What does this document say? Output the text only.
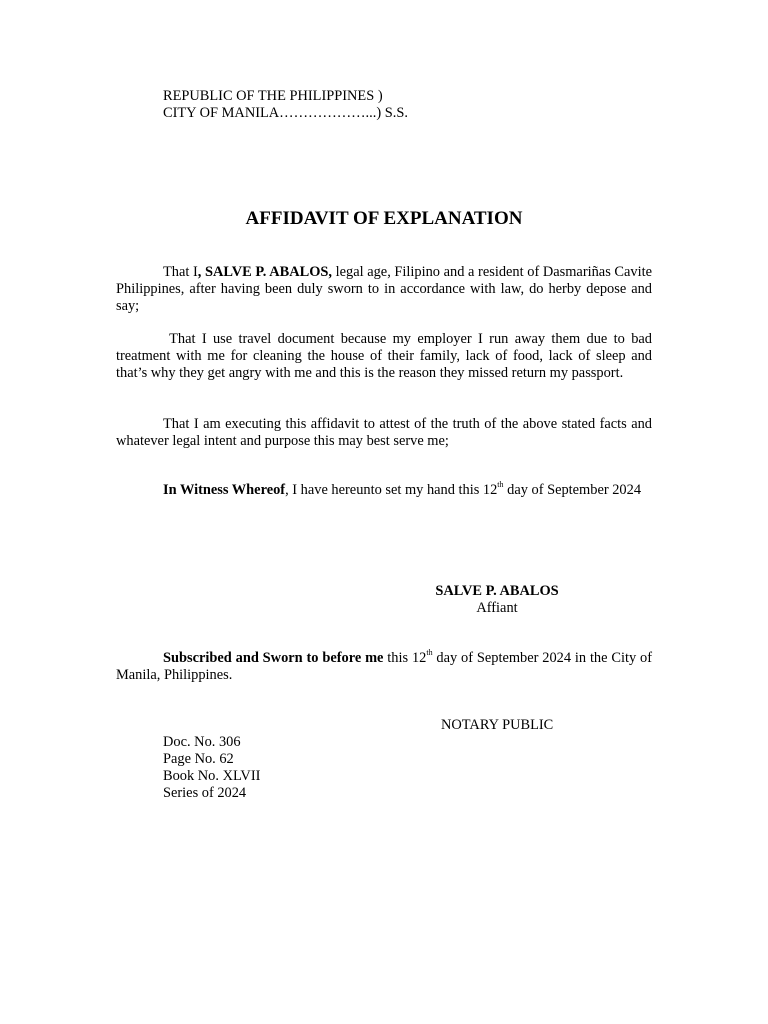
REPUBLIC OF THE PHILIPPINES )
CITY OF MANILA………………...) S.S.
AFFIDAVIT OF EXPLANATION
That I, SALVE P. ABALOS, legal age, Filipino and a resident of Dasmariñas Cavite Philippines, after having been duly sworn to in accordance with law, do herby depose and say;
That I use travel document because my employer I run away them due to bad treatment with me for cleaning the house of their family, lack of food, lack of sleep and that’s why they get angry with me and this is the reason they missed return my passport.
That I am executing this affidavit to attest of the truth of the above stated facts and whatever legal intent and purpose this may best serve me;
In Witness Whereof, I have hereunto set my hand this 12th day of September 2024
SALVE P. ABALOS
Affiant
Subscribed and Sworn to before me this 12th day of September 2024 in the City of Manila, Philippines.
NOTARY PUBLIC
Doc. No. 306
Page No. 62
Book No. XLVII
Series of 2024
